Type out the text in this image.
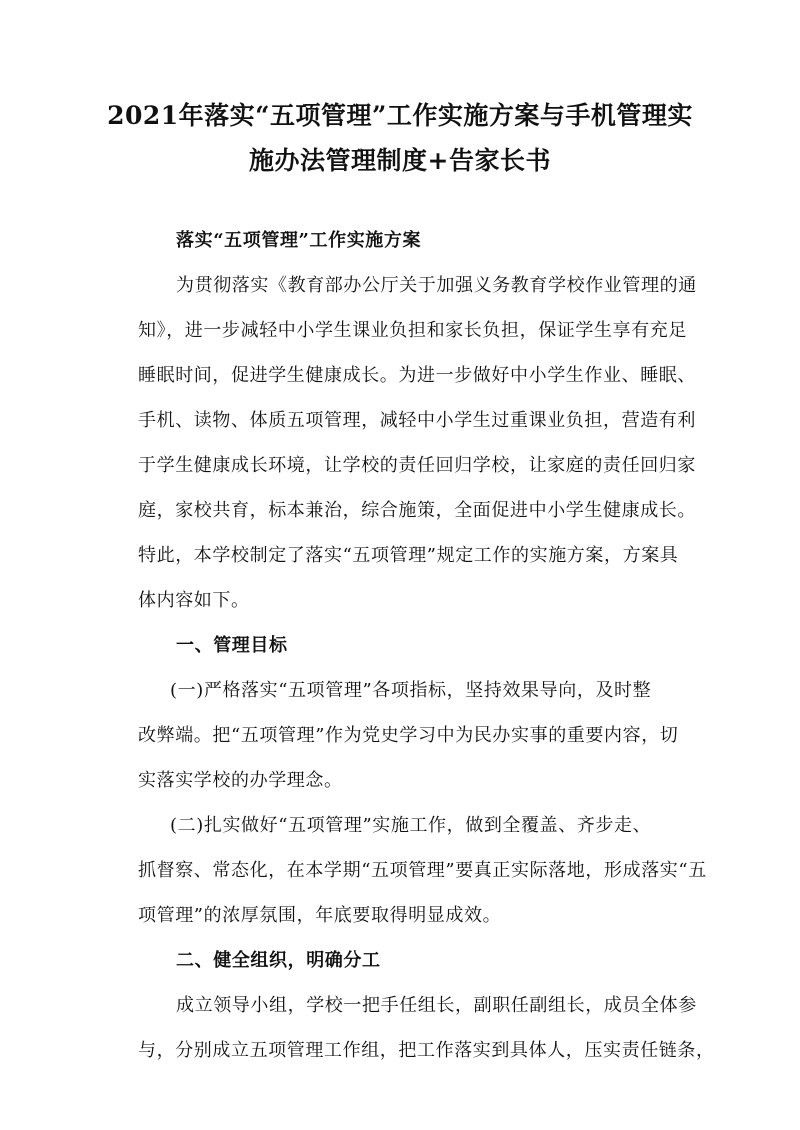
2021年落实“五项管理”工作实施方案与手机管理实
施办法管理制度+告家长书
落实“五项管理”工作实施方案
为贯彻落实《教育部办公厅关于加强义务教育学校作业管理的通
知》，进一步减轻中小学生课业负担和家长负担，保证学生享有充足
睡眠时间，促进学生健康成长。为进一步做好中小学生作业、睡眠、
手机、读物、体质五项管理，减轻中小学生过重课业负担，营造有利
于学生健康成长环境，让学校的责任回归学校，让家庭的责任回归家
庭，家校共育，标本兼治，综合施策，全面促进中小学生健康成长。
特此，本学校制定了落实“五项管理”规定工作的实施方案，方案具
体内容如下。
一、管理目标
(一)严格落实“五项管理”各项指标，坚持效果导向，及时整
改弊端。把“五项管理”作为党史学习中为民办实事的重要内容，切
实落实学校的办学理念。
(二)扎实做好“五项管理”实施工作，做到全覆盖、齐步走、
抓督察、常态化，在本学期“五项管理”要真正实际落地，形成落实“五
项管理”的浓厚氛围，年底要取得明显成效。
二、健全组织，明确分工
成立领导小组，学校一把手任组长，副职任副组长，成员全体参
与，分别成立五项管理工作组，把工作落实到具体人，压实责任链条，
